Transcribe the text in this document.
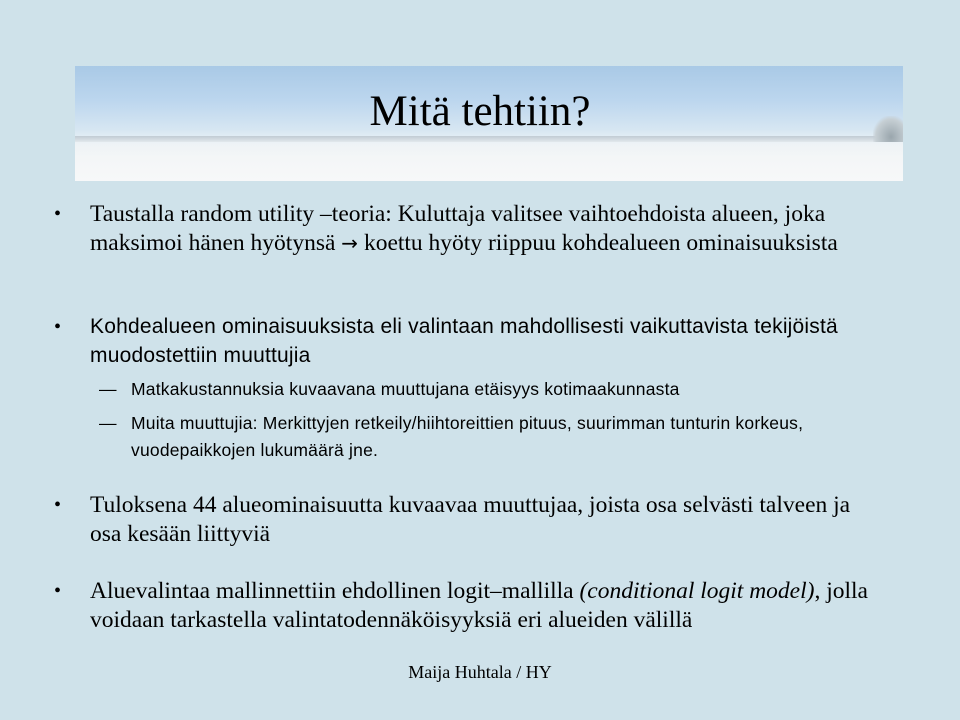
Mitä tehtiin?
• Taustalla random utility –teoria: Kuluttaja valitsee vaihtoehdoista alueen, joka maksimoi hänen hyötynsä → koettu hyöty riippuu kohdealueen ominaisuuksista
• Kohdealueen ominaisuuksista eli valintaan mahdollisesti vaikuttavista tekijöistä muodostettiin muuttujia
— Matkakustannuksia kuvaavana muuttujana etäisyys kotimaakunnasta
— Muita muuttujia: Merkittyjen retkeily/hiihtoreittien pituus, suurimman tunturin korkeus, vuodepaikkojen lukumäärä jne.
• Tuloksena 44 alueominaisuutta kuvaavaa muuttujaa, joista osa selvästi talveen ja osa kesään liittyviä
• Aluevalintaa mallinnettiin ehdollinen logit–mallilla (conditional logit model), jolla voidaan tarkastella valintatodennäköisyyksiä eri alueiden välillä
Maija Huhtala / HY
